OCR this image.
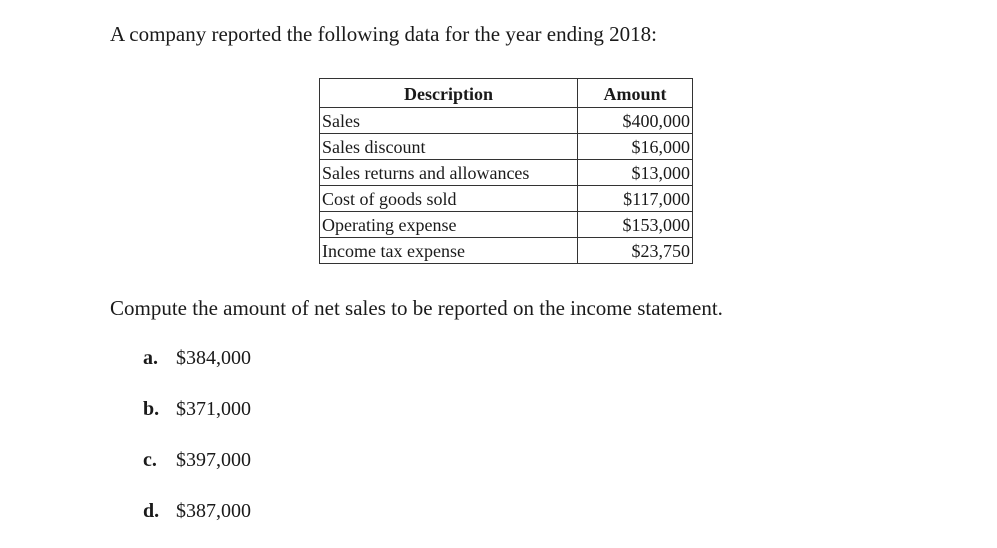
A company reported the following data for the year ending 2018:
Description	Amount
Sales	$400,000
Sales discount	$16,000
Sales returns and allowances	$13,000
Cost of goods sold	$117,000
Operating expense	$153,000
Income tax expense	$23,750
Compute the amount of net sales to be reported on the income statement.
a. $384,000
b. $371,000
c. $397,000
d. $387,000
